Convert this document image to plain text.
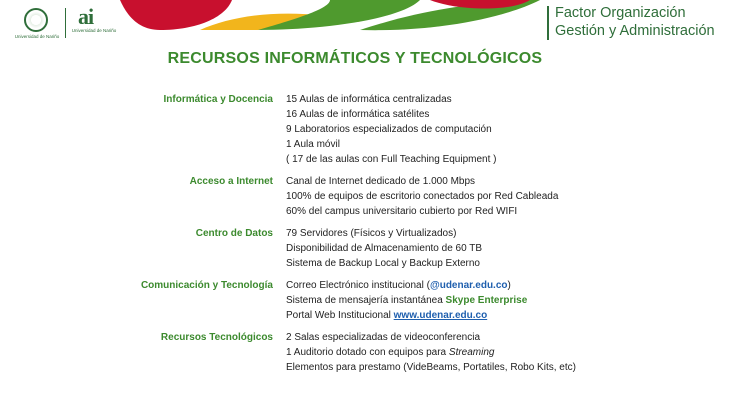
Universidad de Nariño
ai
Universidad de Nariño
Factor Organización
Gestión y Administración
RECURSOS INFORMÁTICOS Y TECNOLÓGICOS
Informática y Docencia 15 Aulas de informática centralizadas
16 Aulas de informática satélites
9 Laboratorios especializados de computación
1 Aula móvil
( 17 de las aulas con Full Teaching Equipment )
Acceso a Internet Canal de Internet dedicado de 1.000 Mbps
100% de equipos de escritorio conectados por Red Cableada
60% del campus universitario cubierto por Red WIFI
Centro de Datos 79 Servidores (Físicos y Virtualizados)
Disponibilidad de Almacenamiento de 60 TB
Sistema de Backup Local y Backup Externo
Comunicación y Tecnología Correo Electrónico institucional (@udenar.edu.co)
Sistema de mensajería instantánea Skype Enterprise
Portal Web Institucional www.udenar.edu.co
Recursos Tecnológicos 2 Salas especializadas de videoconferencia
1 Auditorio dotado con equipos para Streaming
Elementos para prestamo (VideBeams, Portatiles, Robo Kits, etc)
